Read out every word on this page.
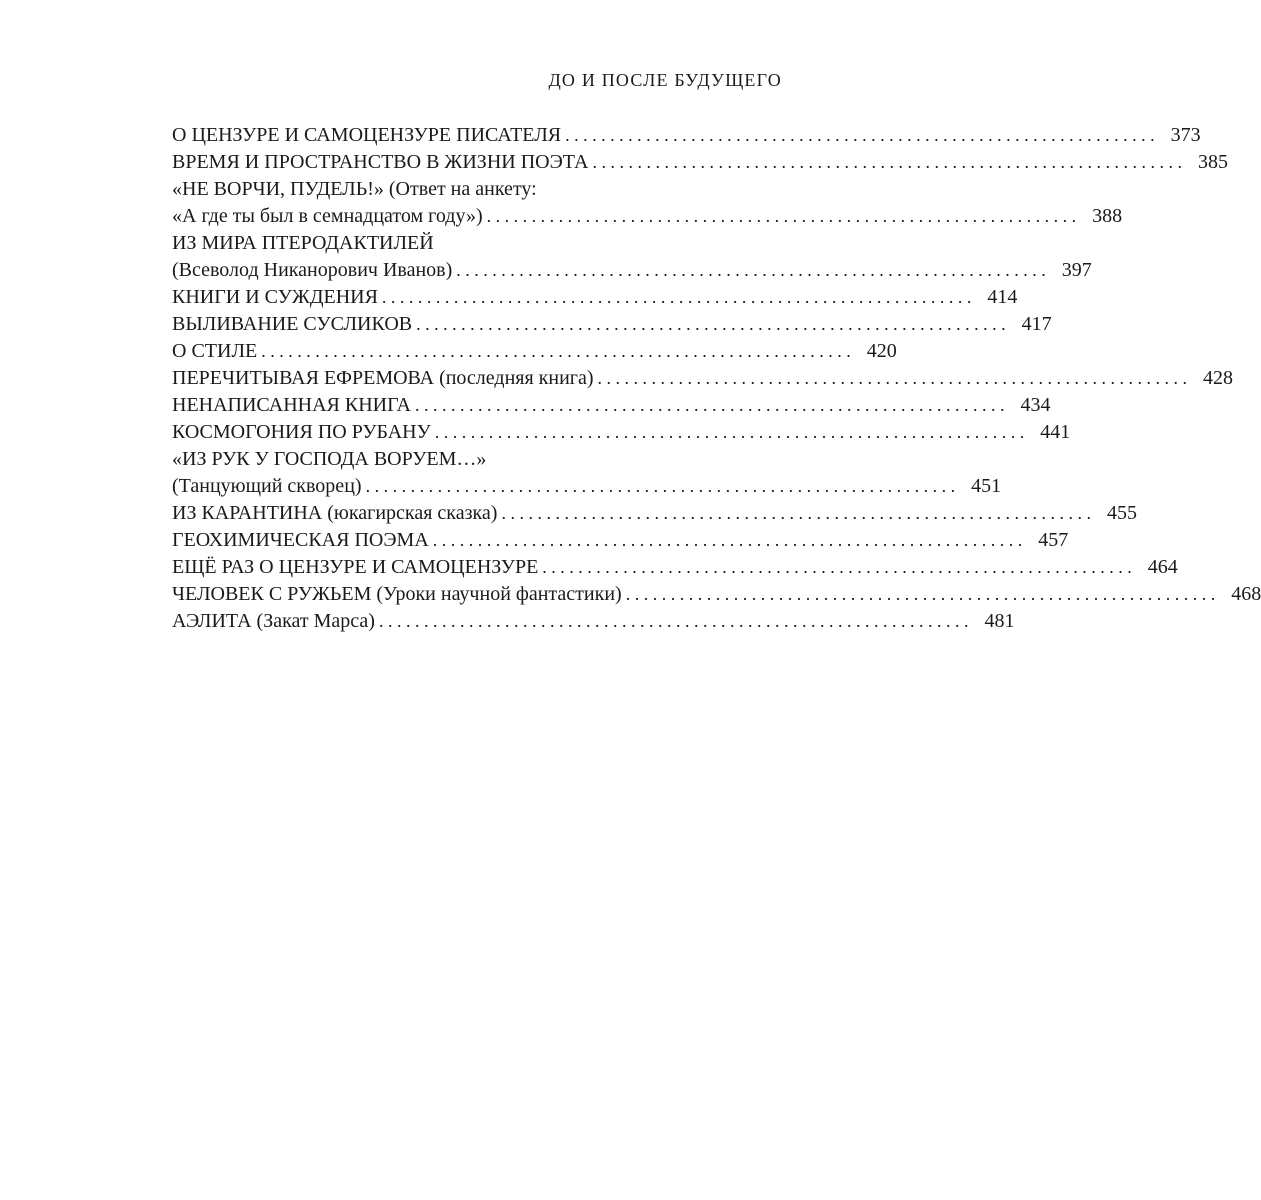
ДО И ПОСЛЕ БУДУЩЕГО
О ЦЕНЗУРЕ И САМОЦЕНЗУРЕ ПИСАТЕЛЯ . . .	373
ВРЕМЯ И ПРОСТРАНСТВО В ЖИЗНИ ПОЭТА . . .	385
«НЕ ВОРЧИ, ПУДЕЛЬ!» (Ответ на анкету:
«А где ты был в семнадцатом году») . . .	388
ИЗ МИРА ПТЕРОДАКТИЛЕЙ
(Всеволод Никанорович Иванов) . . .	397
КНИГИ И СУЖДЕНИЯ . . .	414
ВЫЛИВАНИЕ СУСЛИКОВ . . .	417
О СТИЛЕ . . .	420
ПЕРЕЧИТЫВАЯ ЕФРЕМОВА (последняя книга) . . .	428
НЕНАПИСАННАЯ КНИГА . . .	434
КОСМОГОНИЯ ПО РУБАНУ . . .	441
«ИЗ РУК У ГОСПОДА ВОРУЕМ…»
(Танцующий скворец) . . .	451
ИЗ КАРАНТИНА (юкагирская сказка) . . .	455
ГЕОХИМИЧЕСКАЯ ПОЭМА . . .	457
ЕЩЁ РАЗ О ЦЕНЗУРЕ И САМОЦЕНЗУРЕ . . .	464
ЧЕЛОВЕК С РУЖЬЕМ (Уроки научной фантастики) . . .	468
АЭЛИТА (Закат Марса) . . .	481
